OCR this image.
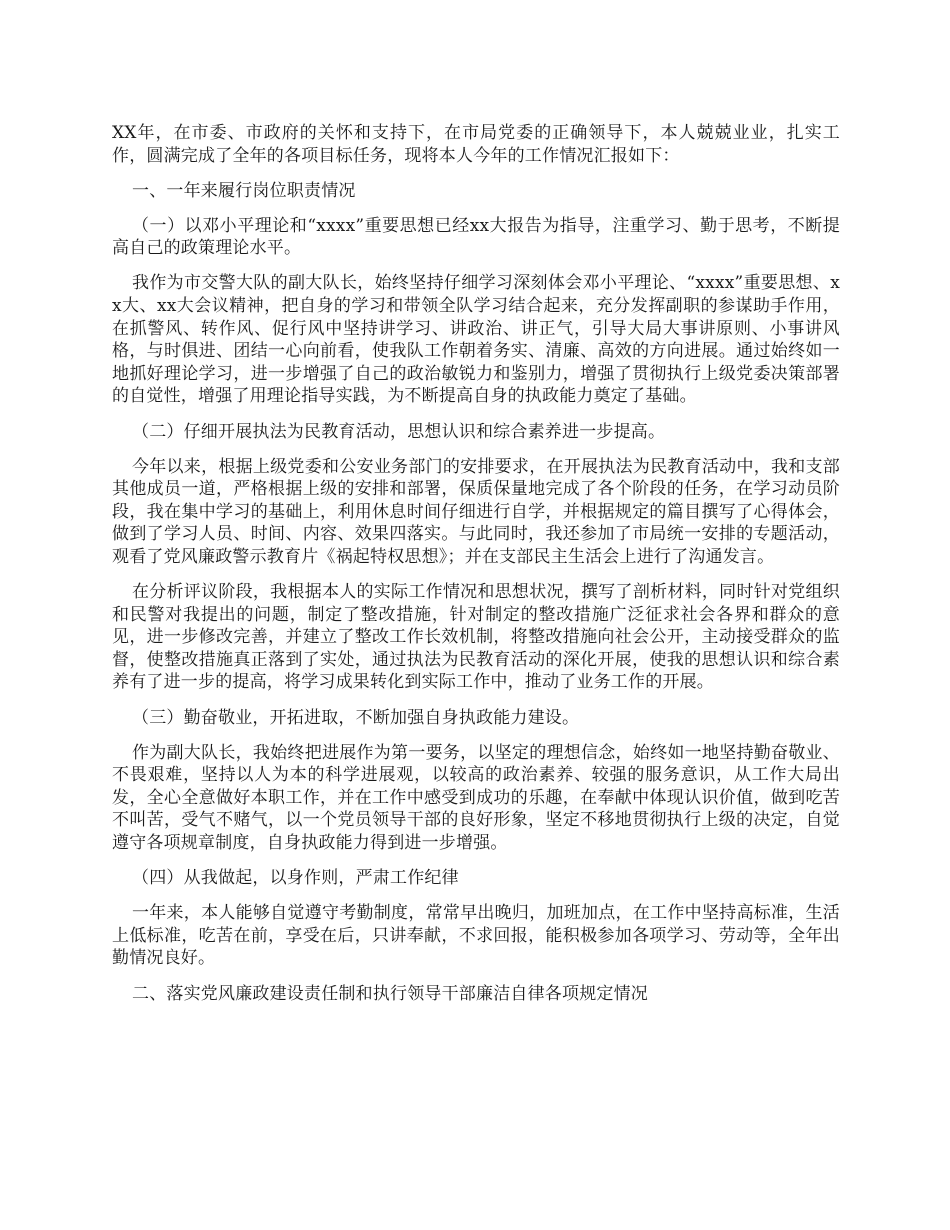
XX年，在市委、市政府的关怀和支持下，在市局党委的正确领导下，本人兢兢业业，扎实工作，圆满完成了全年的各项目标任务，现将本人今年的工作情况汇报如下：

一、一年来履行岗位职责情况

（一）以邓小平理论和“xxxx”重要思想已经xx大报告为指导，注重学习、勤于思考，不断提高自己的政策理论水平。

我作为市交警大队的副大队长，始终坚持仔细学习深刻体会邓小平理论、“xxxx”重要思想、xx大、xx大会议精神，把自身的学习和带领全队学习结合起来，充分发挥副职的参谋助手作用，在抓警风、转作风、促行风中坚持讲学习、讲政治、讲正气，引导大局大事讲原则、小事讲风格，与时俱进、团结一心向前看，使我队工作朝着务实、清廉、高效的方向进展。通过始终如一地抓好理论学习，进一步增强了自己的政治敏锐力和鉴别力，增强了贯彻执行上级党委决策部署的自觉性，增强了用理论指导实践，为不断提高自身的执政能力奠定了基础。

（二）仔细开展执法为民教育活动，思想认识和综合素养进一步提高。

今年以来，根据上级党委和公安业务部门的安排要求，在开展执法为民教育活动中，我和支部其他成员一道，严格根据上级的安排和部署，保质保量地完成了各个阶段的任务，在学习动员阶段，我在集中学习的基础上，利用休息时间仔细进行自学，并根据规定的篇目撰写了心得体会，做到了学习人员、时间、内容、效果四落实。与此同时，我还参加了市局统一安排的专题活动，观看了党风廉政警示教育片《祸起特权思想》；并在支部民主生活会上进行了沟通发言。

在分析评议阶段，我根据本人的实际工作情况和思想状况，撰写了剖析材料，同时针对党组织和民警对我提出的问题，制定了整改措施，针对制定的整改措施广泛征求社会各界和群众的意见，进一步修改完善，并建立了整改工作长效机制，将整改措施向社会公开，主动接受群众的监督，使整改措施真正落到了实处，通过执法为民教育活动的深化开展，使我的思想认识和综合素养有了进一步的提高，将学习成果转化到实际工作中，推动了业务工作的开展。

（三）勤奋敬业，开拓进取，不断加强自身执政能力建设。

作为副大队长，我始终把进展作为第一要务，以坚定的理想信念，始终如一地坚持勤奋敬业、不畏艰难，坚持以人为本的科学进展观，以较高的政治素养、较强的服务意识，从工作大局出发，全心全意做好本职工作，并在工作中感受到成功的乐趣，在奉献中体现认识价值，做到吃苦不叫苦，受气不赌气，以一个党员领导干部的良好形象，坚定不移地贯彻执行上级的决定，自觉遵守各项规章制度，自身执政能力得到进一步增强。

（四）从我做起，以身作则，严肃工作纪律

一年来，本人能够自觉遵守考勤制度，常常早出晚归，加班加点，在工作中坚持高标准，生活上低标准，吃苦在前，享受在后，只讲奉献，不求回报，能积极参加各项学习、劳动等，全年出勤情况良好。

二、落实党风廉政建设责任制和执行领导干部廉洁自律各项规定情况
